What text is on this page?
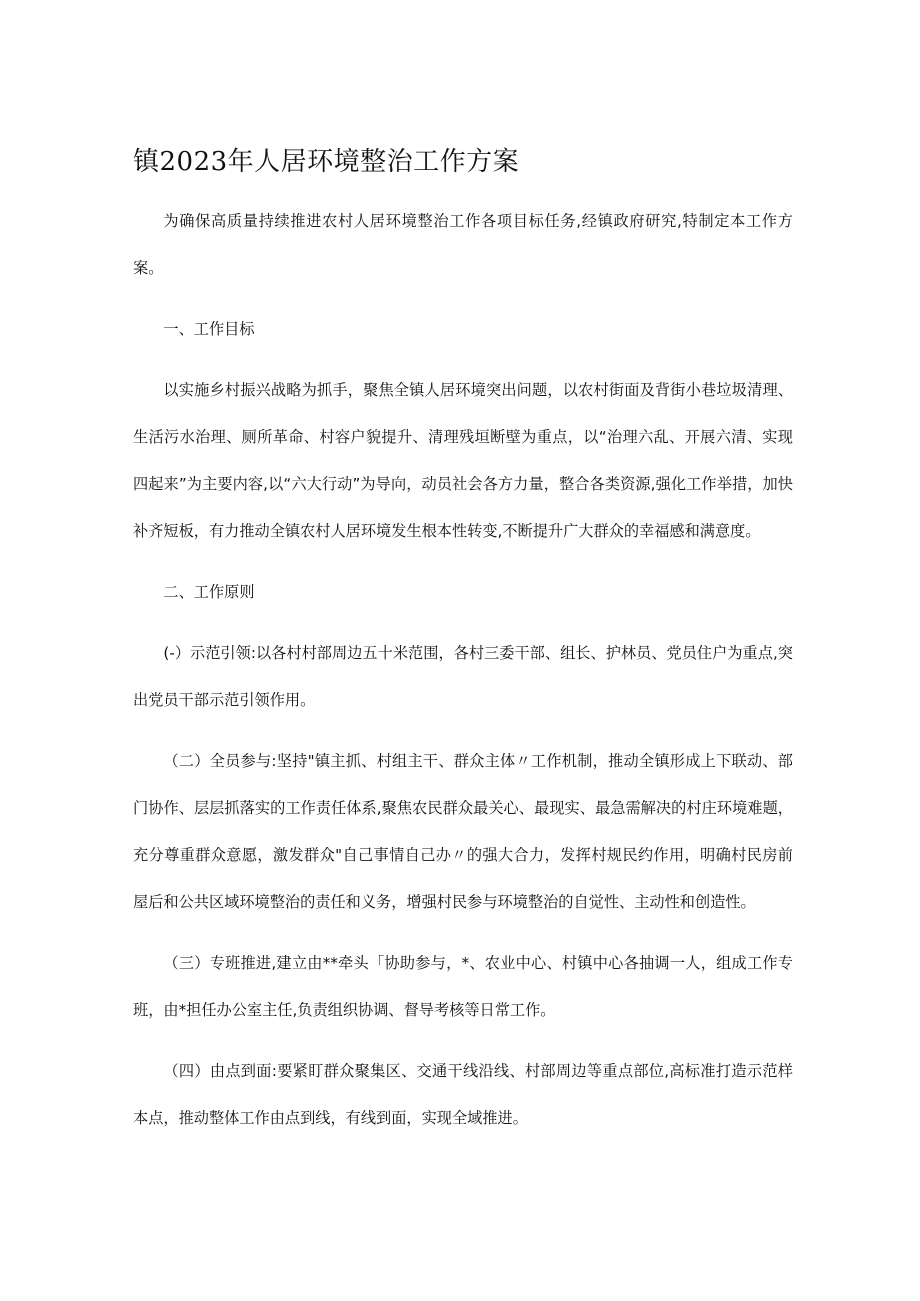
镇2023年人居环境整治工作方案

为确保高质量持续推进农村人居环境整治工作各项目标任务,经镇政府研究,特制定本工作方案。

一、工作目标

以实施乡村振兴战略为抓手，聚焦全镇人居环境突出问题，以农村街面及背街小巷垃圾清理、生活污水治理、厕所革命、村容户貌提升、清理残垣断壁为重点，以“治理六乱、开展六清、实现四起来”为主要内容,以“六大行动”为导向，动员社会各方力量，整合各类资源,强化工作举措，加快补齐短板，有力推动全镇农村人居环境发生根本性转变,不断提升广大群众的幸福感和满意度。

二、工作原则

(-）示范引领:以各村村部周边五十米范围，各村三委干部、组长、护林员、党员住户为重点,突出党员干部示范引领作用。

（二）全员参与:坚持"镇主抓、村组主干、群众主体〃工作机制，推动全镇形成上下联动、部门协作、层层抓落实的工作责任体系,聚焦农民群众最关心、最现实、最急需解决的村庄环境难题，充分尊重群众意愿，激发群众"自己事情自己办〃的强大合力，发挥村规民约作用，明确村民房前屋后和公共区域环境整治的责任和义务，增强村民参与环境整治的自觉性、主动性和创造性。

（三）专班推进,建立由**牵头「协助参与，*、农业中心、村镇中心各抽调一人，组成工作专班，由*担任办公室主任,负责组织协调、督导考核等日常工作。

（四）由点到面:要紧盯群众聚集区、交通干线沿线、村部周边等重点部位,高标准打造示范样本点，推动整体工作由点到线，有线到面，实现全域推进。
